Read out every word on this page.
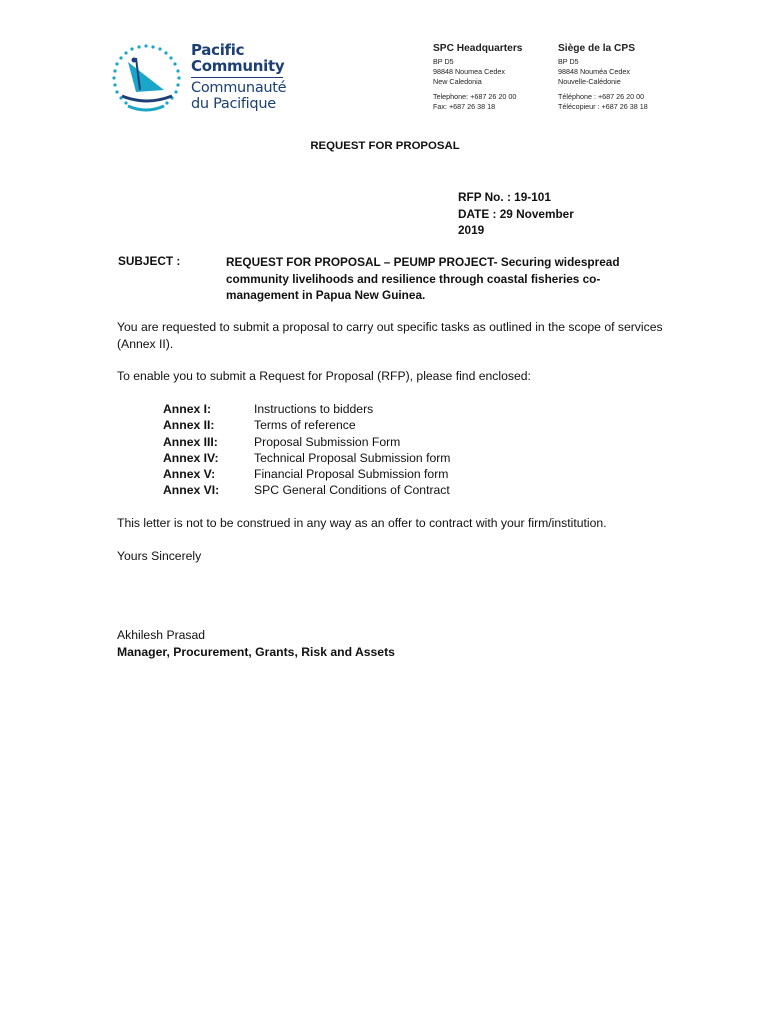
Pacific
Community
Communauté
du Pacifique
SPC Headquarters
BP D5
98848 Noumea Cedex
New Caledonia
Telephone: +687 26 20 00
Fax: +687 26 38 18
Siège de la CPS
BP D5
98848 Nouméa Cedex
Nouvelle-Calédonie
Téléphone : +687 26 20 00
Télécopieur : +687 26 38 18
REQUEST FOR PROPOSAL
RFP No. : 19-101
DATE : 29 November
2019
SUBJECT :	REQUEST FOR PROPOSAL – PEUMP PROJECT- Securing widespread community livelihoods and resilience through coastal fisheries co-management in Papua New Guinea.
You are requested to submit a proposal to carry out specific tasks as outlined in the scope of services (Annex II).
To enable you to submit a Request for Proposal (RFP), please find enclosed:
Annex I:	Instructions to bidders
Annex II:	Terms of reference
Annex III:	Proposal Submission Form
Annex IV:	Technical Proposal Submission form
Annex V:	Financial Proposal Submission form
Annex VI:	SPC General Conditions of Contract
This letter is not to be construed in any way as an offer to contract with your firm/institution.
Yours Sincerely
Akhilesh Prasad
Manager, Procurement, Grants, Risk and Assets
